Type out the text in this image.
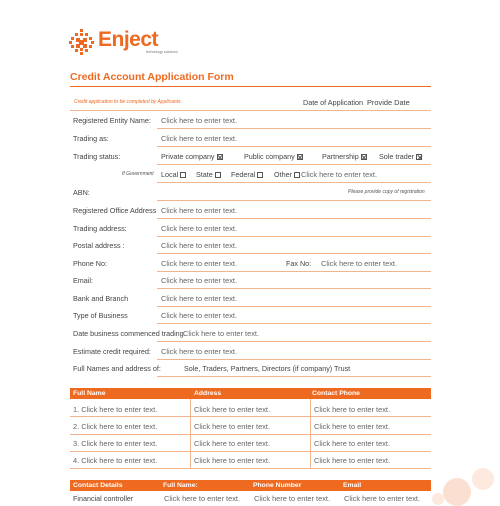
Enject
technology solutions
Credit Account Application Form
Credit application to be completed by Applicants.	Date of Application Provide Date
Registered Entity Name: Click here to enter text.
Trading as:	Click here to enter text.
Trading status:	Private company	Public company	Partnership	Sole trader
If Government Local	State	Federal	Other	Click here to enter text.
ABN:	Please provide copy of registration
Registered Office Address Click here to enter text.
Trading address:	Click here to enter text.
Postal address :	Click here to enter text.
Phone No:	Click here to enter text.	Fax No: Click here to enter text.
Email:	Click here to enter text.
Bank and Branch	Click here to enter text.
Type of Business	Click here to enter text.
Date business commenced trading Click here to enter text.
Estimate credit required: Click here to enter text.
Full Names and address of:	Sole, Traders, Partners, Directors (if company) Trust
Full Name	Address	Contact Phone
1. Click here to enter text.	Click here to enter text.	Click here to enter text.
2. Click here to enter text.	Click here to enter text.	Click here to enter text.
3. Click here to enter text.	Click here to enter text.	Click here to enter text.
4. Click here to enter text.	Click here to enter text.	Click here to enter text.
Contact Details	Full Name:	Phone Number	Email
Financial controller	Click here to enter text. Click here to enter text. Click here to enter text.
